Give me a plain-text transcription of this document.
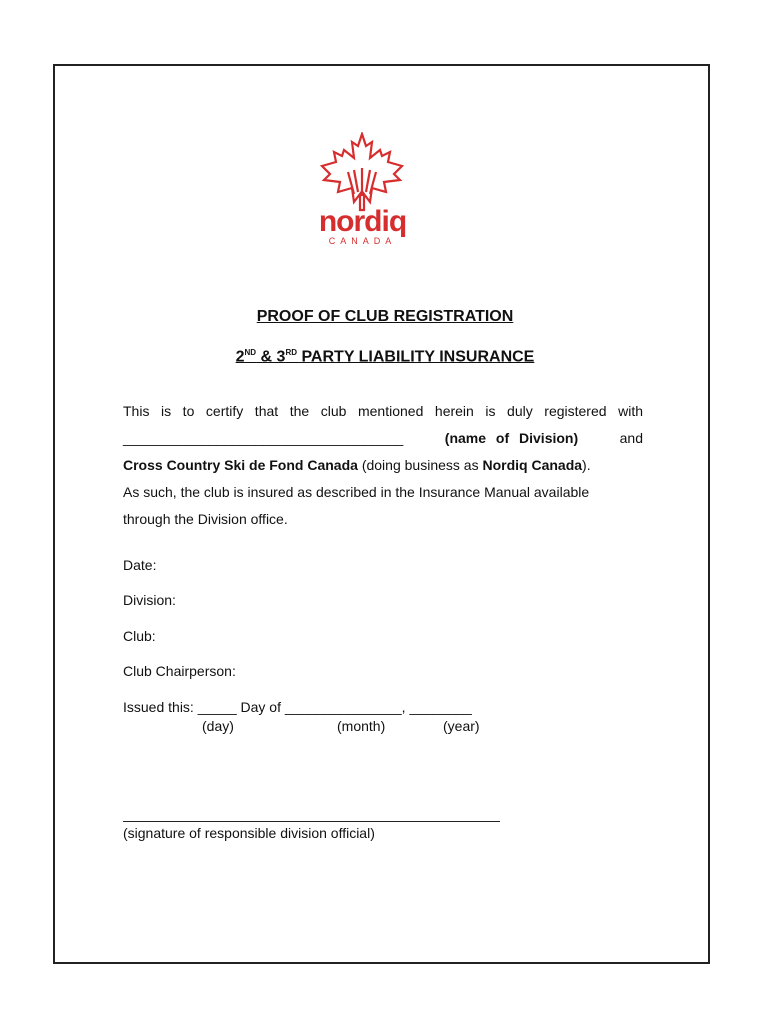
nordiq
CANADA
PROOF OF CLUB REGISTRATION
2ND & 3RD PARTY LIABILITY INSURANCE
This is to certify that the club mentioned herein is duly registered with
____________________________________	(name of Division)	and
Cross Country Ski de Fond Canada (doing business as Nordiq Canada).
As such, the club is insured as described in the Insurance Manual available
through the Division office.
Date:
Division:
Club:
Club Chairperson:
Issued this: _____ Day of _______________, ________
(day)	(month)	(year)
(signature of responsible division official)
